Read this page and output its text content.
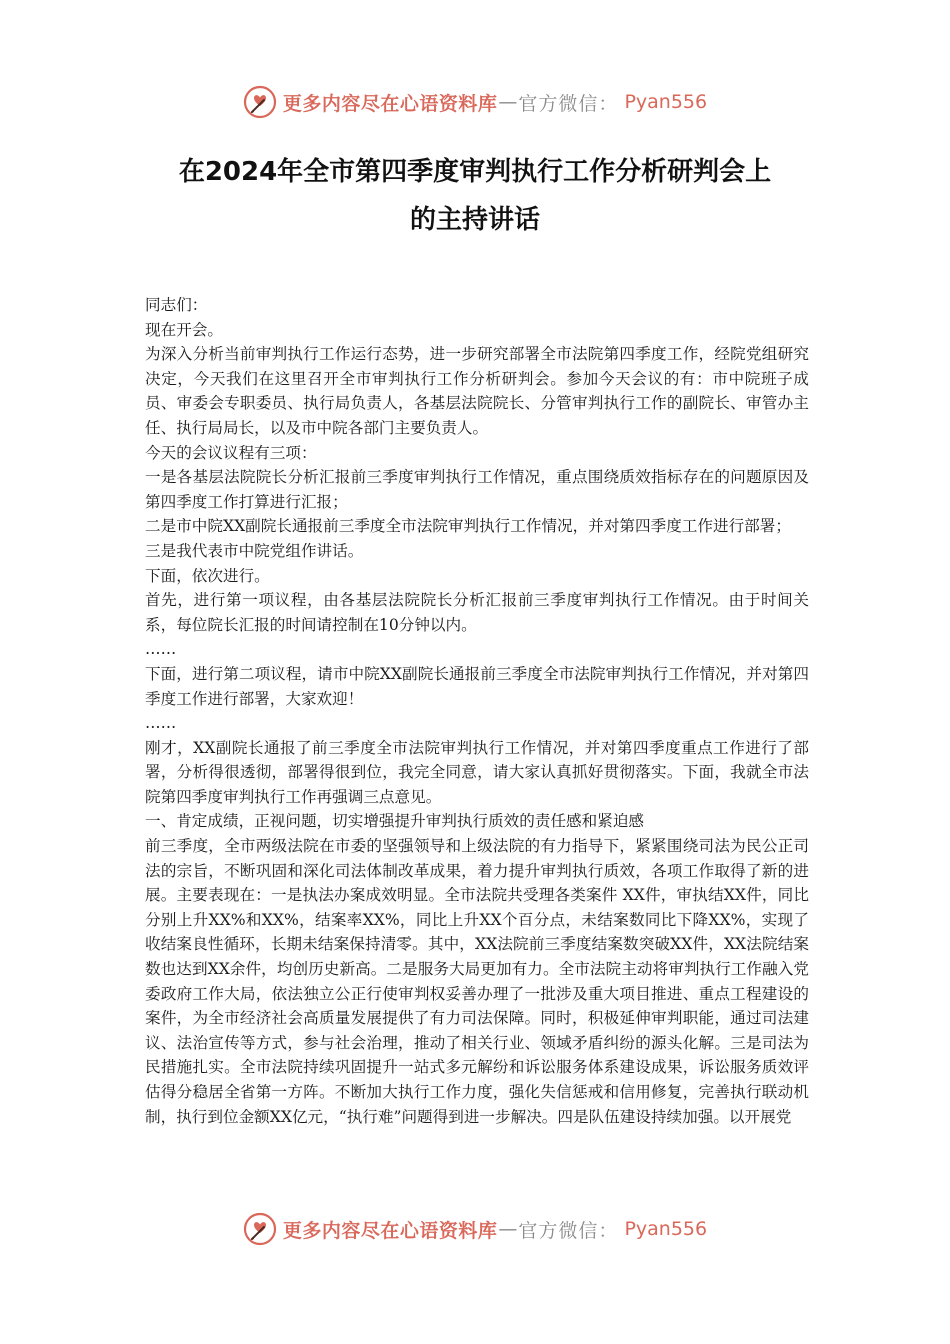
更多内容尽在心语资料库 — 官方微信： Pyan556
在2024年全市第四季度审判执行工作分析研判会上
的主持讲话

同志们：

现在开会。

为深入分析当前审判执行工作运行态势，进一步研究部署全市法院第四季度工作，经院党组研究决定，今天我们在这里召开全市审判执行工作分析研判会。参加今天会议的有：市中院班子成员、审委会专职委员、执行局负责人，各基层法院院长、分管审判执行工作的副院长、审管办主任、执行局局长，以及市中院各部门主要负责人。

今天的会议议程有三项：

一是各基层法院院长分析汇报前三季度审判执行工作情况，重点围绕质效指标存在的问题原因及第四季度工作打算进行汇报；

二是市中院XX副院长通报前三季度全市法院审判执行工作情况，并对第四季度工作进行部署；

三是我代表市中院党组作讲话。

下面，依次进行。

首先，进行第一项议程，由各基层法院院长分析汇报前三季度审判执行工作情况。由于时间关系，每位院长汇报的时间请控制在10分钟以内。

……

下面，进行第二项议程，请市中院XX副院长通报前三季度全市法院审判执行工作情况，并对第四季度工作进行部署，大家欢迎！

……

刚才，XX副院长通报了前三季度全市法院审判执行工作情况，并对第四季度重点工作进行了部署，分析得很透彻，部署得很到位，我完全同意，请大家认真抓好贯彻落实。下面，我就全市法院第四季度审判执行工作再强调三点意见。

一、肯定成绩，正视问题，切实增强提升审判执行质效的责任感和紧迫感

前三季度，全市两级法院在市委的坚强领导和上级法院的有力指导下，紧紧围绕司法为民公正司法的宗旨，不断巩固和深化司法体制改革成果，着力提升审判执行质效，各项工作取得了新的进展。主要表现在：一是执法办案成效明显。全市法院共受理各类案件 XX件，审执结XX件，同比分别上升XX%和XX%，结案率XX%，同比上升XX个百分点，未结案数同比下降XX%，实现了收结案良性循环，长期未结案保持清零。其中，XX法院前三季度结案数突破XX件，XX法院结案数也达到XX余件，均创历史新高。二是服务大局更加有力。全市法院主动将审判执行工作融入党委政府工作大局，依法独立公正行使审判权妥善办理了一批涉及重大项目推进、重点工程建设的案件，为全市经济社会高质量发展提供了有力司法保障。同时，积极延伸审判职能，通过司法建议、法治宣传等方式，参与社会治理，推动了相关行业、领域矛盾纠纷的源头化解。三是司法为民措施扎实。全市法院持续巩固提升一站式多元解纷和诉讼服务体系建设成果，诉讼服务质效评估得分稳居全省第一方阵。不断加大执行工作力度，强化失信惩戒和信用修复，完善执行联动机制，执行到位金额XX亿元，“执行难”问题得到进一步解决。四是队伍建设持续加强。以开展党

更多内容尽在心语资料库 — 官方微信： Pyan556
